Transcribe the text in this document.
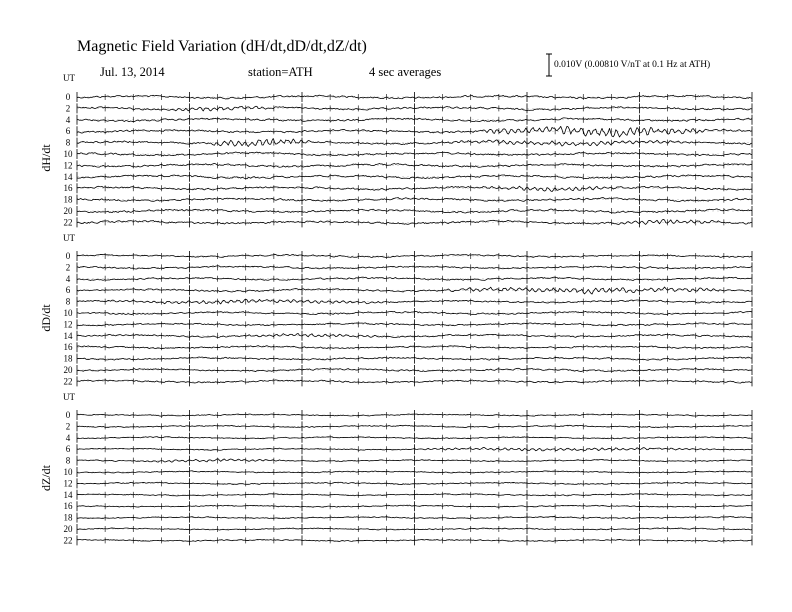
Magnetic Field Variation (dH/dt,dD/dt,dZ/dt)
Jul. 13, 2014	station=ATH	4 sec averages	0.010V (0.00810 V/nT at 0.1 Hz at ATH)
UT
dH/dt
0
2
4
6
8
10
12
14
16
18
20
22
UT
dD/dt
0
2
4
6
8
10
12
14
16
18
20
22
UT
dZ/dt
0
2
4
6
8
10
12
14
16
18
20
22
